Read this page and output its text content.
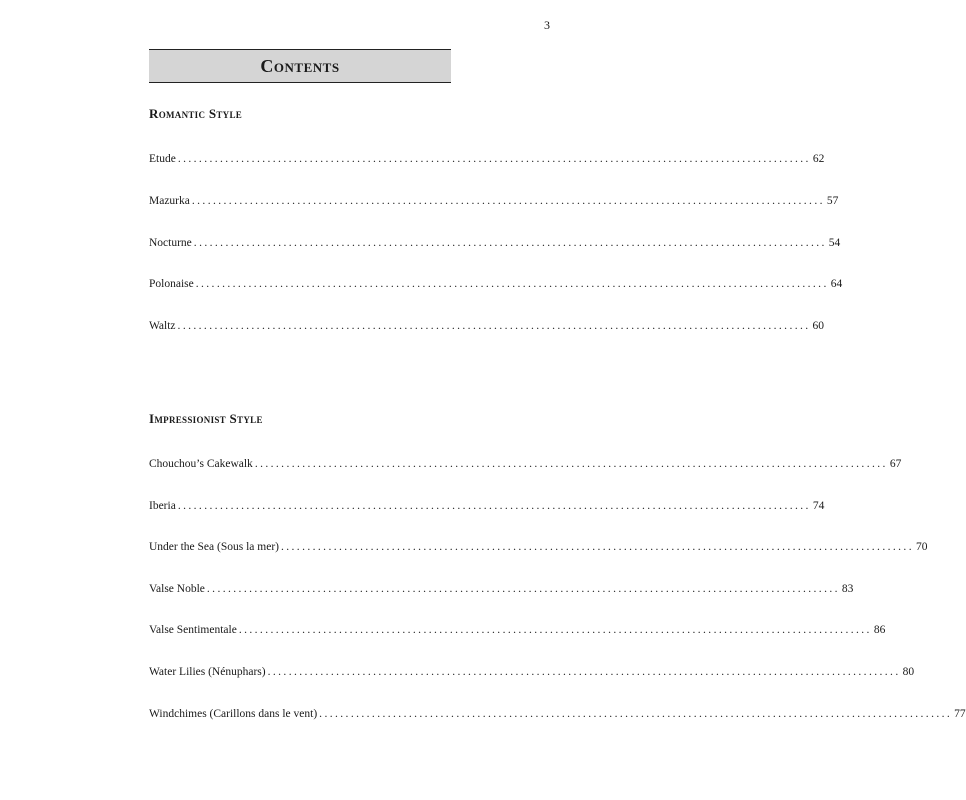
3
Contents
Romantic Style
Etude ........................................................................................................................ 62
Mazurka ........................................................................................................................ 57
Nocturne ........................................................................................................................ 54
Polonaise ........................................................................................................................ 64
Waltz ........................................................................................................................ 60
Impressionist Style
Chouchou’s Cakewalk ........................................................................................................................ 67
Iberia ........................................................................................................................ 74
Under the Sea (Sous la mer) ........................................................................................................................ 70
Valse Noble ........................................................................................................................ 83
Valse Sentimentale ........................................................................................................................ 86
Water Lilies (Nénuphars) ........................................................................................................................ 80
Windchimes (Carillons dans le vent) ........................................................................................................................ 77
